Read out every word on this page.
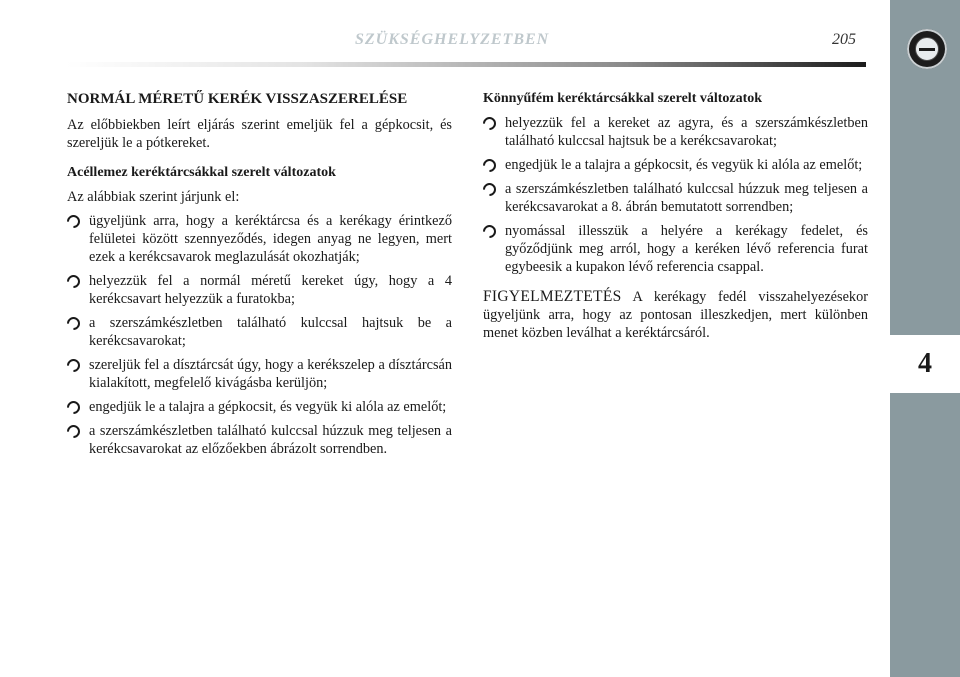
SZÜKSÉGHELYZETBEN	205
NORMÁL MÉRETŰ KERÉK VISSZASZERELÉSE

Az előbbiekben leírt eljárás szerint emeljük fel a gépkocsit, és szereljük le a pótkereket.

Acéllemez keréktárcsákkal szerelt változatok

Az alábbiak szerint járjunk el:

ügyeljünk arra, hogy a keréktárcsa és a kerékagy érintkező felületei között szennyeződés, idegen anyag ne legyen, mert ezek a kerékcsavarok meglazulását okozhatják;
helyezzük fel a normál méretű kereket úgy, hogy a 4 kerékcsavart helyezzük a furatokba;
a szerszámkészletben található kulccsal hajtsuk be a kerékcsavarokat;
szereljük fel a dísztárcsát úgy, hogy a kerékszelep a dísztárcsán kialakított, megfelelő kivágásba kerüljön;
engedjük le a talajra a gépkocsit, és vegyük ki alóla az emelőt;
a szerszámkészletben található kulccsal húzzuk meg teljesen a kerékcsavarokat az előzőekben ábrázolt sorrendben.
Könnyűfém keréktárcsákkal szerelt változatok
helyezzük fel a kereket az agyra, és a szerszámkészletben található kulccsal hajtsuk be a kerékcsavarokat;
engedjük le a talajra a gépkocsit, és vegyük ki alóla az emelőt;
a szerszámkészletben található kulccsal húzzuk meg teljesen a kerékcsavarokat a 8. ábrán bemutatott sorrendben;
nyomással illesszük a helyére a kerékagy fedelet, és győződjünk meg arról, hogy a keréken lévő referencia furat egybeesik a kupakon lévő referencia csappal.

FIGYELMEZTETÉS A kerékagy fedél visszahelyezésekor ügyeljünk arra, hogy az pontosan illeszkedjen, mert különben menet közben leválhat a keréktárcsáról.

4
